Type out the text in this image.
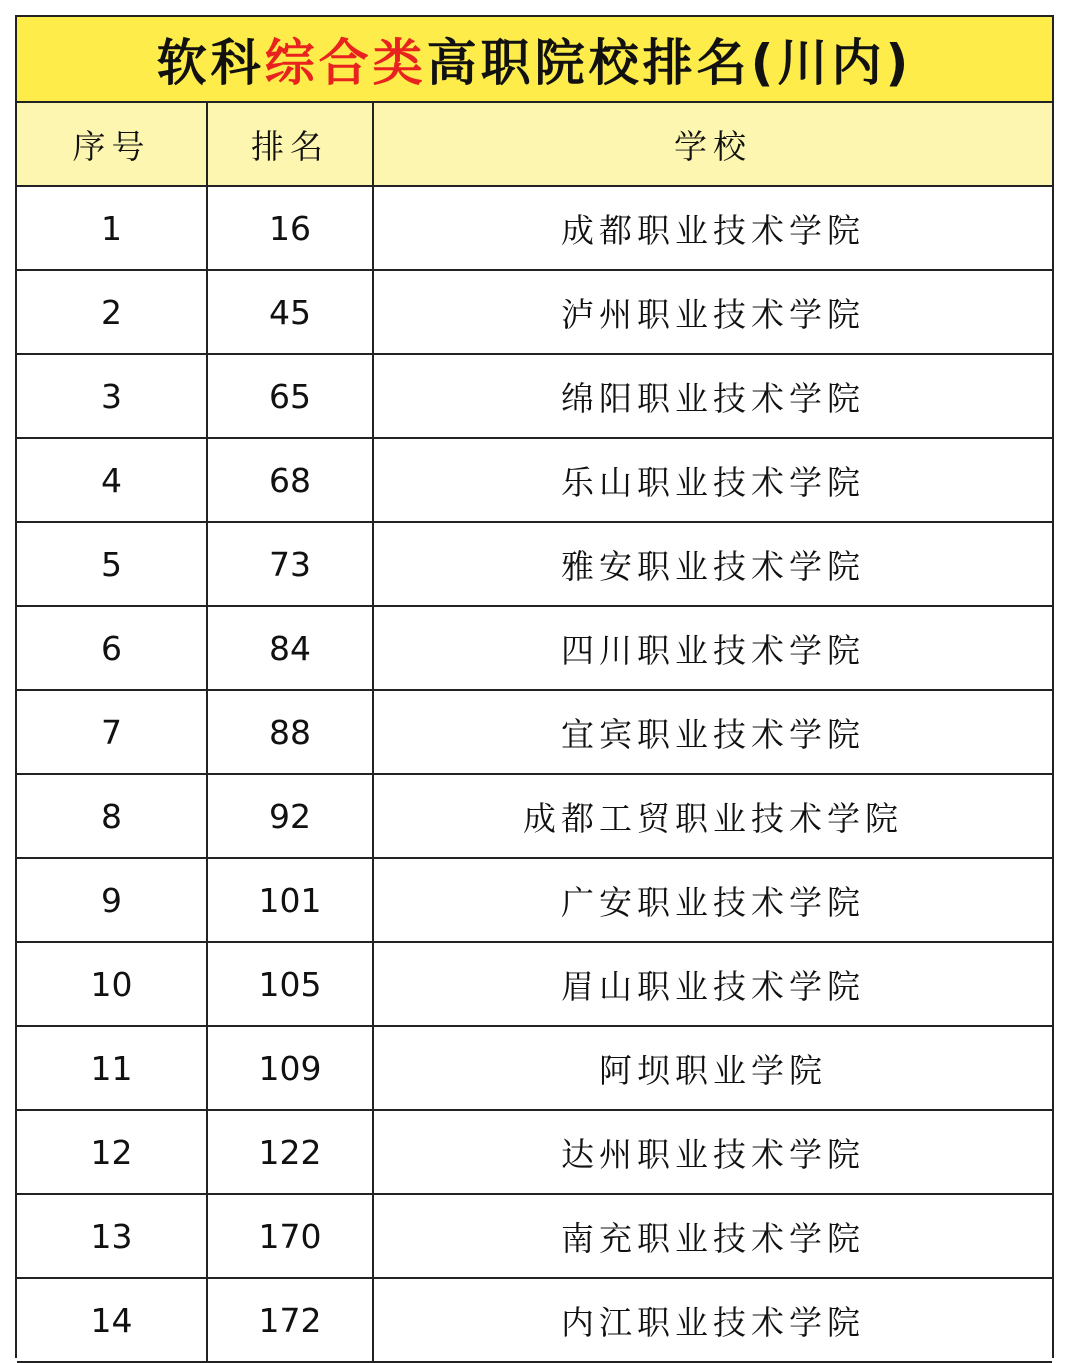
软科 综合类 高职院校排名(川内)
序号	排名	学校
1	16	成都职业技术学院
2	45	泸州职业技术学院
3	65	绵阳职业技术学院
4	68	乐山职业技术学院
5	73	雅安职业技术学院
6	84	四川职业技术学院
7	88	宜宾职业技术学院
8	92	成都工贸职业技术学院
9	101	广安职业技术学院
10	105	眉山职业技术学院
11	109	阿坝职业学院
12	122	达州职业技术学院
13	170	南充职业技术学院
14	172	内江职业技术学院
